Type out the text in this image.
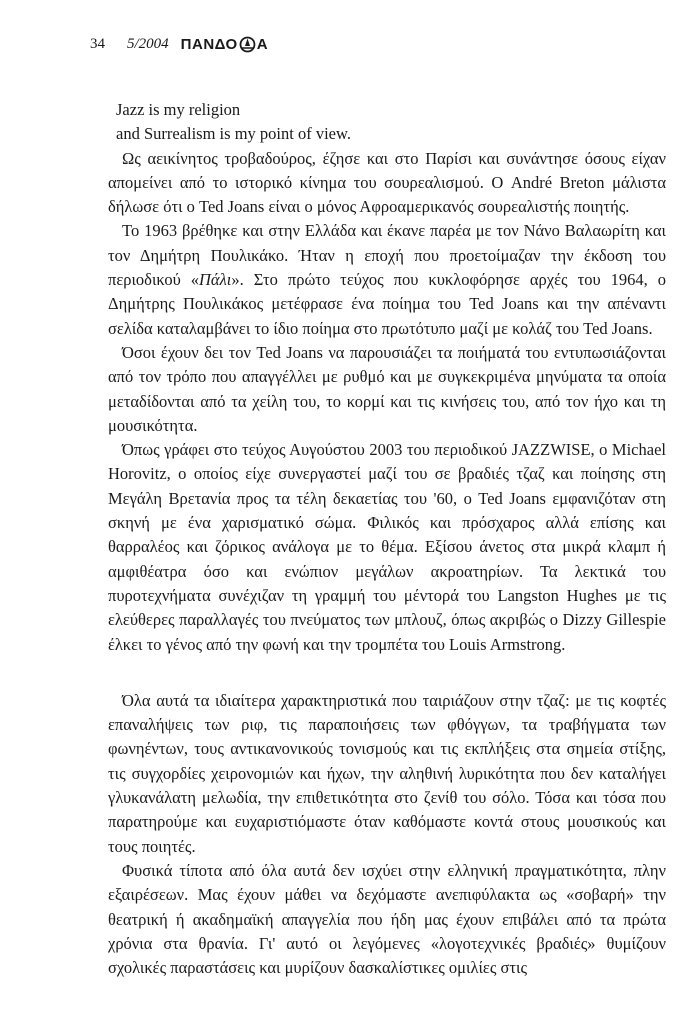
34 5/2004 ΠΑΝΔΟ Α

Jazz is my religion

and Surrealism is my point of view.

Ως αεικίνητος τροβαδούρος, έζησε και στο Παρίσι και συνάντησε όσους είχαν απομείνει από το ιστορικό κίνημα του σουρεαλισμού. Ο André Breton μάλιστα δήλωσε ότι ο Ted Joans είναι ο μόνος Αφροαμερικανός σουρεαλιστής ποιητής.

Το 1963 βρέθηκε και στην Ελλάδα και έκανε παρέα με τον Νάνο Βαλαωρίτη και τον Δημήτρη Πουλικάκο. Ήταν η εποχή που προετοίμαζαν την έκδοση του περιοδικού «Πάλι». Στο πρώτο τεύχος που κυκλοφόρησε αρχές του 1964, ο Δημήτρης Πουλικάκος μετέφρασε ένα ποίημα του Ted Joans και την απέναντι σελίδα καταλαμβάνει το ίδιο ποίημα στο πρωτότυπο μαζί με κολάζ του Ted Joans.

Όσοι έχουν δει τον Ted Joans να παρουσιάζει τα ποιήματά του εντυπωσιάζονται από τον τρόπο που απαγγέλλει με ρυθμό και με συγκεκριμένα μηνύματα τα οποία μεταδίδονται από τα χείλη του, το κορμί και τις κινήσεις του, από τον ήχο και τη μουσικότητα.

Όπως γράφει στο τεύχος Αυγούστου 2003 του περιοδικού JAZZWISE, ο Michael Horovitz, ο οποίος είχε συνεργαστεί μαζί του σε βραδιές τζαζ και ποίησης στη Μεγάλη Βρετανία προς τα τέλη δεκαετίας του '60, ο Ted Joans εμφανιζόταν στη σκηνή με ένα χαρισματικό σώμα. Φιλικός και πρόσχαρος αλλά επίσης και θαρραλέος και ζόρικος ανάλογα με το θέμα. Εξίσου άνετος στα μικρά κλαμπ ή αμφιθέατρα όσο και ενώπιον μεγάλων ακροατηρίων. Τα λεκτικά του πυροτεχνήματα συνέχιζαν τη γραμμή του μέντορά του Langston Hughes με τις ελεύθερες παραλλαγές του πνεύματος των μπλουζ, όπως ακριβώς ο Dizzy Gillespie έλκει το γένος από την φωνή και την τρομπέτα του Louis Armstrong.

Όλα αυτά τα ιδιαίτερα χαρακτηριστικά που ταιριάζουν στην τζαζ: με τις κοφτές επαναλήψεις των ριφ, τις παραποιήσεις των φθόγγων, τα τραβήγματα των φωνηέντων, τους αντικανονικούς τονισμούς και τις εκπλήξεις στα σημεία στίξης, τις συγχορδίες χειρονομιών και ήχων, την αληθινή λυρικότητα που δεν καταλήγει γλυκανάλατη μελωδία, την επιθετικότητα στο ζενίθ του σόλο. Τόσα και τόσα που παρατηρούμε και ευχαριστιόμαστε όταν καθόμαστε κοντά στους μουσικούς και τους ποιητές.

Φυσικά τίποτα από όλα αυτά δεν ισχύει στην ελληνική πραγματικότητα, πλην εξαιρέσεων. Μας έχουν μάθει να δεχόμαστε ανεπιφύλακτα ως «σοβαρή» την θεατρική ή ακαδημαϊκή απαγγελία που ήδη μας έχουν επιβάλει από τα πρώτα χρόνια στα θρανία. Γι' αυτό οι λεγόμενες «λογοτεχνικές βραδιές» θυμίζουν σχολικές παραστάσεις και μυρίζουν δασκαλίστικες ομιλίες στις
